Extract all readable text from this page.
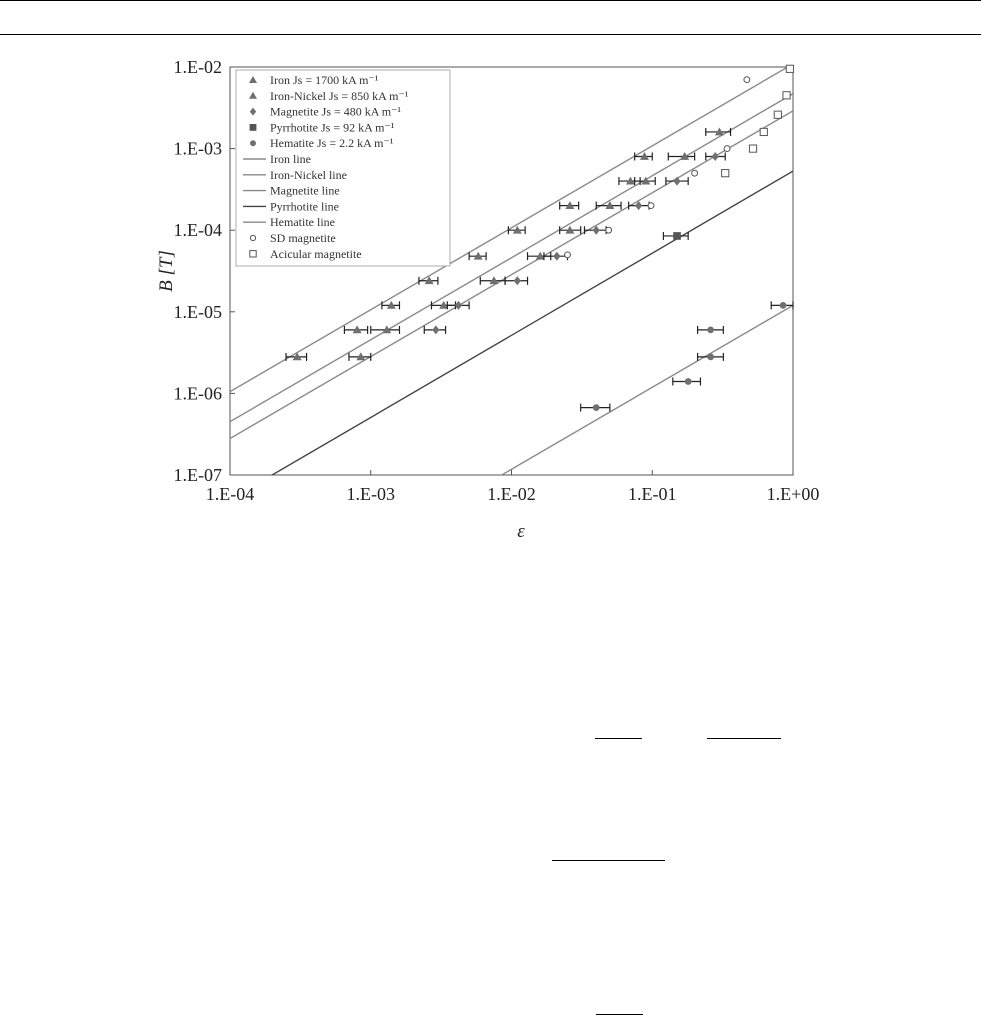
1.E-04	1.E-03	1.E-02	1.E-01	1.E+00
1.E-07
1.E-06
1.E-05
1.E-04
1.E-03
1.E-02
Iron Js = 1700 kA m⁻¹
Iron-Nickel Js = 850 kA m⁻¹
Magnetite Js = 480 kA m⁻¹
Pyrrhotite Js = 92 kA m⁻¹
Hematite Js = 2.2 kA m⁻¹
Iron line
Iron-Nickel line
Magnetite line
Pyrrhotite line
Hematite line
SD magnetite
Acicular magnetite
ε
B [T]
